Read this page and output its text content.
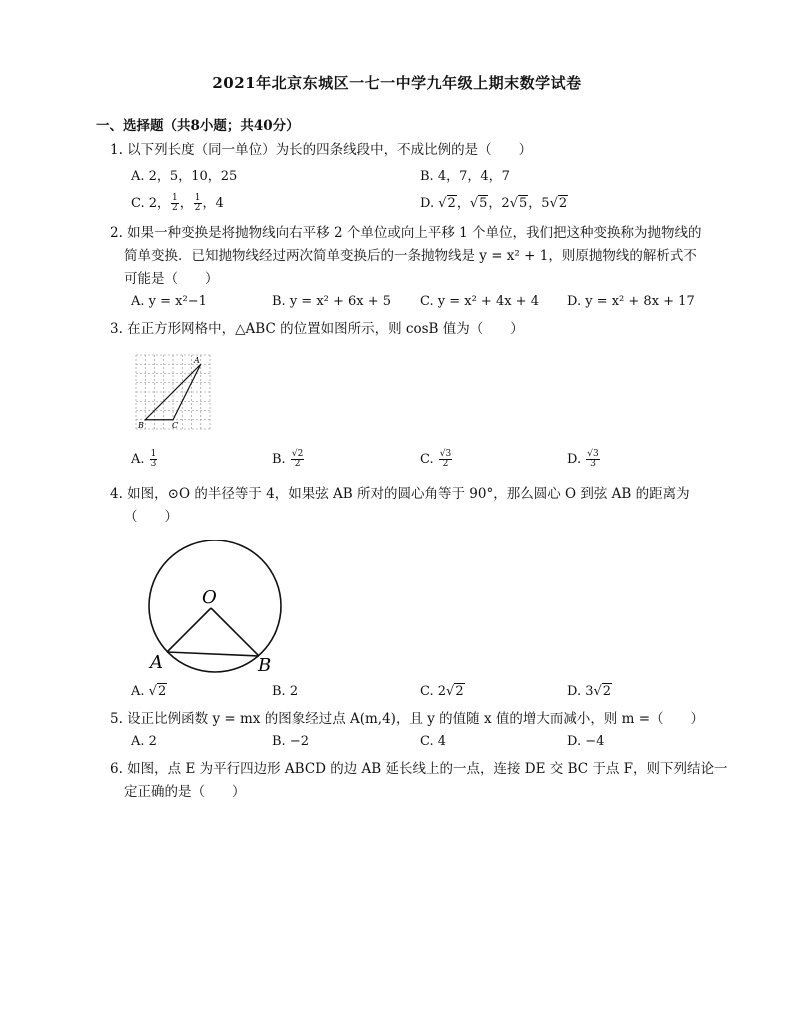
2021年北京东城区一七一中学九年级上期末数学试卷
一、选择题（共8小题；共40分）
1. 以下列长度（同一单位）为长的四条线段中，不成比例的是（　　）
A. 2，5，10，25	B. 4，7，4，7
C. 2， $\frac{1}{2}$ ， $\frac{1}{2}$ ，4	D. √2，√5，2√5，5√2
2. 如果一种变换是将抛物线向右平移 2 个单位或向上平移 1 个单位，我们把这种变换称为抛物线的
简单变换．已知抛物线经过两次简单变换后的一条抛物线是 y = x² + 1，则原抛物线的解析式不
可能是（　　）
A. y = x²−1	B. y = x² + 6x + 5 C. y = x² + 4x + 4 D. y = x² + 8x + 17
3. 在正方形网格中，△ABC 的位置如图所示，则 cosB 值为（　　）
A
B	C
A. $\frac{1}{3}$	B. $\frac{√2}{2}$	C. $\frac{√3}{2}$	D. $\frac{√3}{3}$
4. 如图，⊙O 的半径等于 4，如果弦 AB 所对的圆心角等于 90°，那么圆心 O 到弦 AB 的距离为
（　　）
O
A	B
A. √2	B. 2	C. 2√2	D. 3√2
5. 设正比例函数 y = mx 的图象经过点 A(m,4)，且 y 的值随 x 值的增大而减小，则 m =（　　）
A. 2	B. −2	C. 4	D. −4
6. 如图，点 E 为平行四边形 ABCD 的边 AB 延长线上的一点，连接 DE 交 BC 于点 F，则下列结论一
定正确的是（　　）
